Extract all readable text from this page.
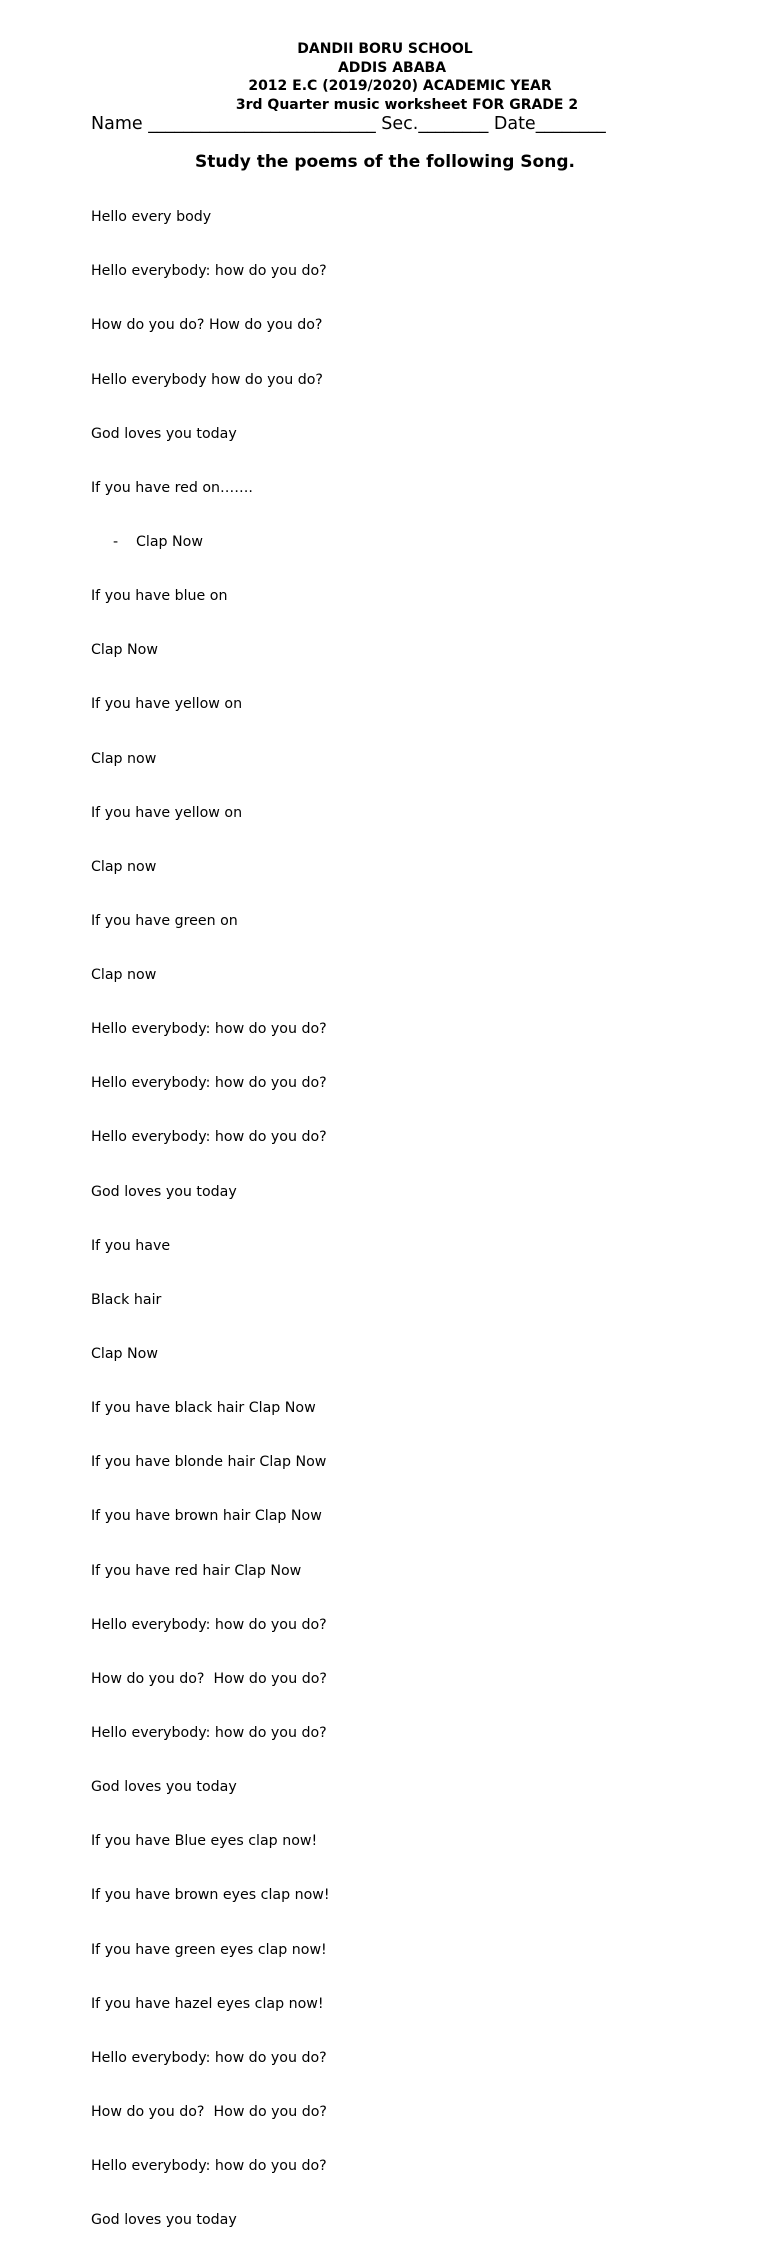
DANDII BORU SCHOOL
ADDIS ABABA
2012 E.C (2019/2020) ACADEMIC YEAR
3rd Quarter music worksheet FOR GRADE 2
Name __________________________ Sec.________ Date________
Study the poems of the following Song.

Hello every body

Hello everybody: how do you do?

How do you do? How do you do?

Hello everybody how do you do?

God loves you today

If you have red on…….

- Clap Now

If you have blue on

Clap Now

If you have yellow on

Clap now

If you have yellow on

Clap now

If you have green on

Clap now

Hello everybody: how do you do?

Hello everybody: how do you do?

Hello everybody: how do you do?

God loves you today

If you have

Black hair

Clap Now

If you have black hair Clap Now

If you have blonde hair Clap Now

If you have brown hair Clap Now

If you have red hair Clap Now

Hello everybody: how do you do?

How do you do?  How do you do?

Hello everybody: how do you do?

God loves you today

If you have Blue eyes clap now!

If you have brown eyes clap now!

If you have green eyes clap now!

If you have hazel eyes clap now!

Hello everybody: how do you do?

How do you do?  How do you do?

Hello everybody: how do you do?

God loves you today
